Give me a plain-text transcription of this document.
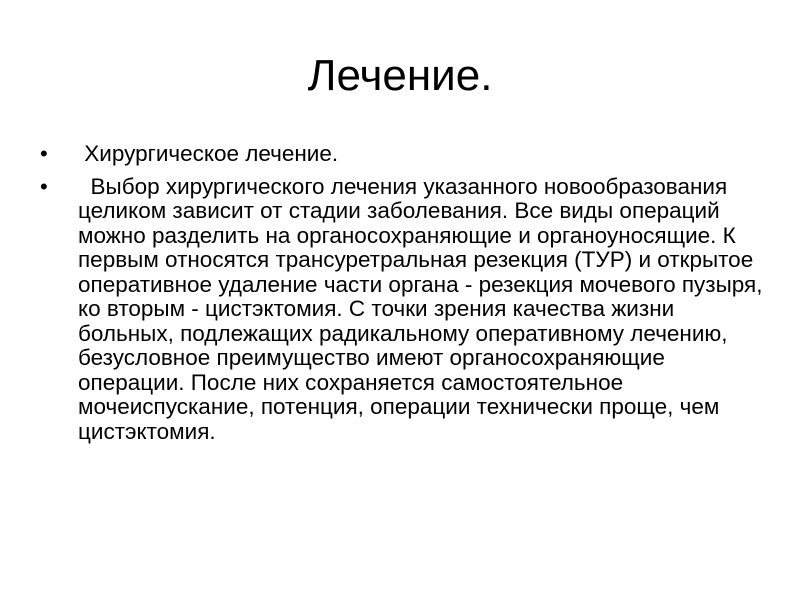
Лечение.
• Хирургическое лечение.
• Выбор хирургического лечения указанного новообразования целиком зависит от стадии заболевания. Все виды операций можно разделить на органосохраняющие и органоуносящие. К первым относятся трансуретральная резекция (ТУР) и открытое оперативное удаление части органа - резекция мочевого пузыря, ко вторым - цистэктомия. С точки зрения качества жизни больных, подлежащих радикальному оперативному лечению, безусловное преимущество имеют органосохраняющие операции. После них сохраняется самостоятельное мочеиспускание, потенция, операции технически проще, чем цистэктомия.
